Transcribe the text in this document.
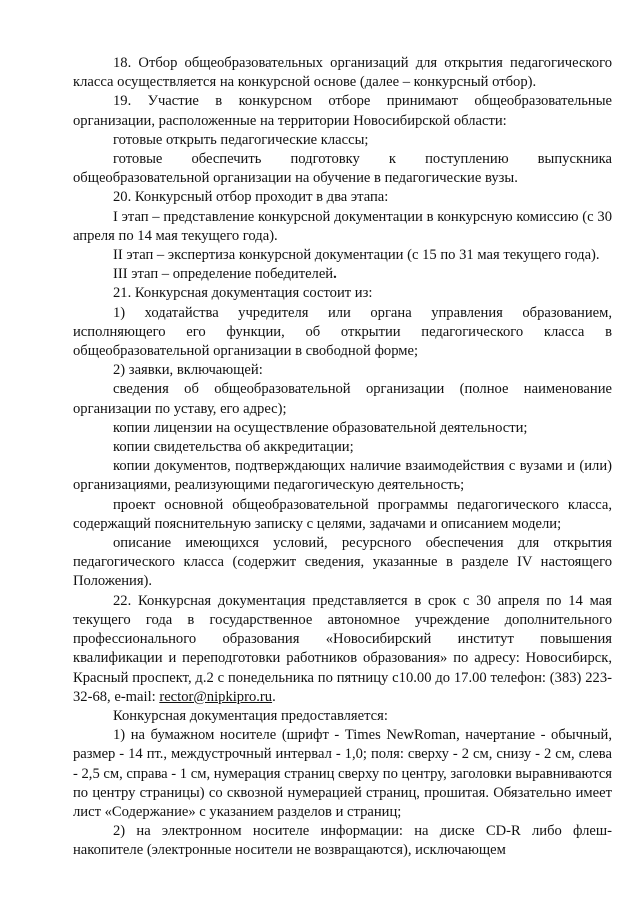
18. Отбор общеобразовательных организаций для открытия педагогического класса осуществляется на конкурсной основе (далее – конкурсный отбор).

19. Участие в конкурсном отборе принимают общеобразовательные организации, расположенные на территории Новосибирской области:

готовые открыть педагогические классы;

готовые обеспечить подготовку к поступлению выпускника общеобразовательной организации на обучение в педагогические вузы.

20. Конкурсный отбор проходит в два этапа:

I этап – представление конкурсной документации в конкурсную комиссию (с 30 апреля по 14 мая текущего года).

II этап – экспертиза конкурсной документации (с 15 по 31 мая текущего года).

III этап – определение победителей.

21. Конкурсная документация состоит из:

1) ходатайства учредителя или органа управления образованием, исполняющего его функции, об открытии педагогического класса в общеобразовательной организации в свободной форме;

2) заявки, включающей:

сведения об общеобразовательной организации (полное наименование организации по уставу, его адрес);

копии лицензии на осуществление образовательной деятельности;

копии свидетельства об аккредитации;

копии документов, подтверждающих наличие взаимодействия с вузами и (или) организациями, реализующими педагогическую деятельность;

проект основной общеобразовательной программы педагогического класса, содержащий пояснительную записку с целями, задачами и описанием модели;

описание имеющихся условий, ресурсного обеспечения для открытия педагогического класса (содержит сведения, указанные в разделе IV настоящего Положения).

22. Конкурсная документация представляется в срок с 30 апреля по 14 мая текущего года в государственное автономное учреждение дополнительного профессионального образования «Новосибирский институт повышения квалификации и переподготовки работников образования» по адресу: Новосибирск, Красный проспект, д.2 с понедельника по пятницу с10.00 до 17.00 телефон: (383) 223-32-68, e-mail: rector@nipkipro.ru.

Конкурсная документация предоставляется:

1) на бумажном носителе (шрифт - Times NewRoman, начертание - обычный, размер - 14 пт., междустрочный интервал - 1,0; поля: сверху - 2 см, снизу - 2 см, слева - 2,5 см, справа - 1 см, нумерация страниц сверху по центру, заголовки выравниваются по центру страницы) со сквозной нумерацией страниц, прошитая. Обязательно имеет лист «Содержание» с указанием разделов и страниц;

2) на электронном носителе информации: на диске CD-R либо флеш-накопителе (электронные носители не возвращаются), исключающем
